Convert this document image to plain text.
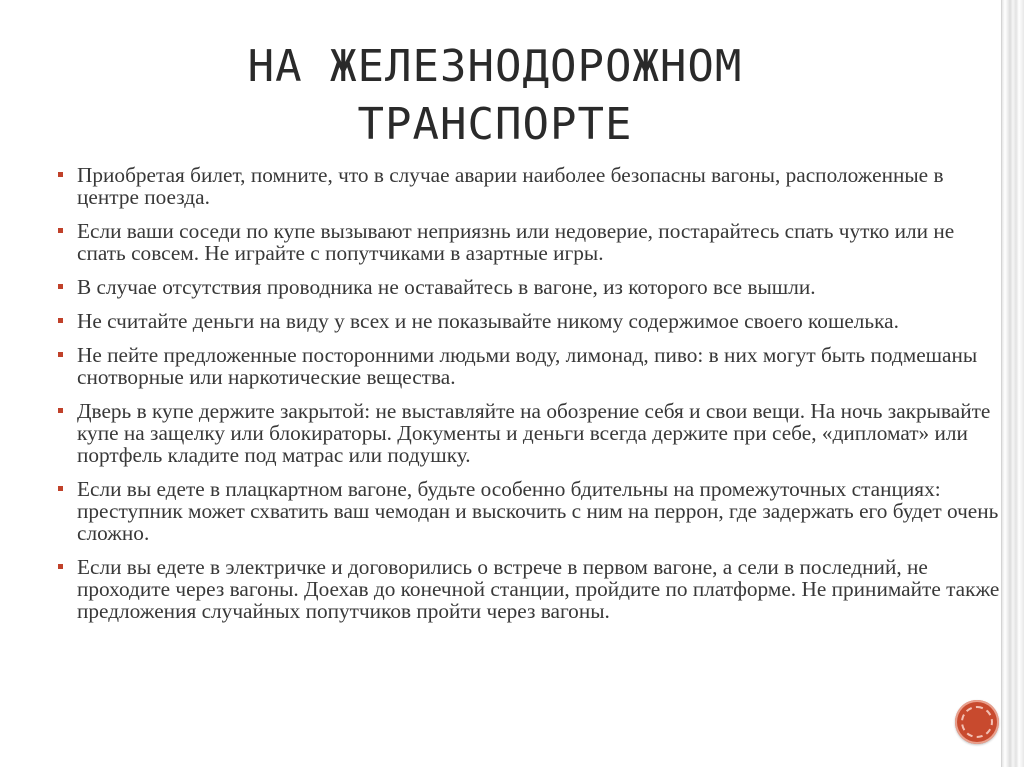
НА ЖЕЛЕЗНОДОРОЖНОМ
ТРАНСПОРТЕ
Приобретая билет, помните, что в случае аварии наиболее безопасны вагоны, расположенные в центре поезда.
Если ваши соседи по купе вызывают неприязнь или недоверие, постарайтесь спать чутко или не спать совсем. Не играйте с попутчиками в азартные игры.
В случае отсутствия проводника не оставайтесь в вагоне, из которого все вышли.
Не считайте деньги на виду у всех и не показывайте никому содержимое своего кошелька.
Не пейте предложенные посторонними людьми воду, лимонад, пиво: в них могут быть подмешаны снотворные или наркотические вещества.
Дверь в купе держите закрытой: не выставляйте на обозрение себя и свои вещи. На ночь закрывайте купе на защелку или блокираторы. Документы и деньги всегда держите при себе, «дипломат» или портфель кладите под матрас или подушку.
Если вы едете в плацкартном вагоне, будьте особенно бдительны на промежуточных станциях: преступник может схватить ваш чемодан и выскочить с ним на перрон, где задержать его будет очень сложно.
Если вы едете в электричке и договорились о встрече в первом вагоне, а сели в последний, не проходите через вагоны. Доехав до конечной станции, пройдите по платформе. Не принимайте также предложения случайных попутчиков пройти через вагоны.
